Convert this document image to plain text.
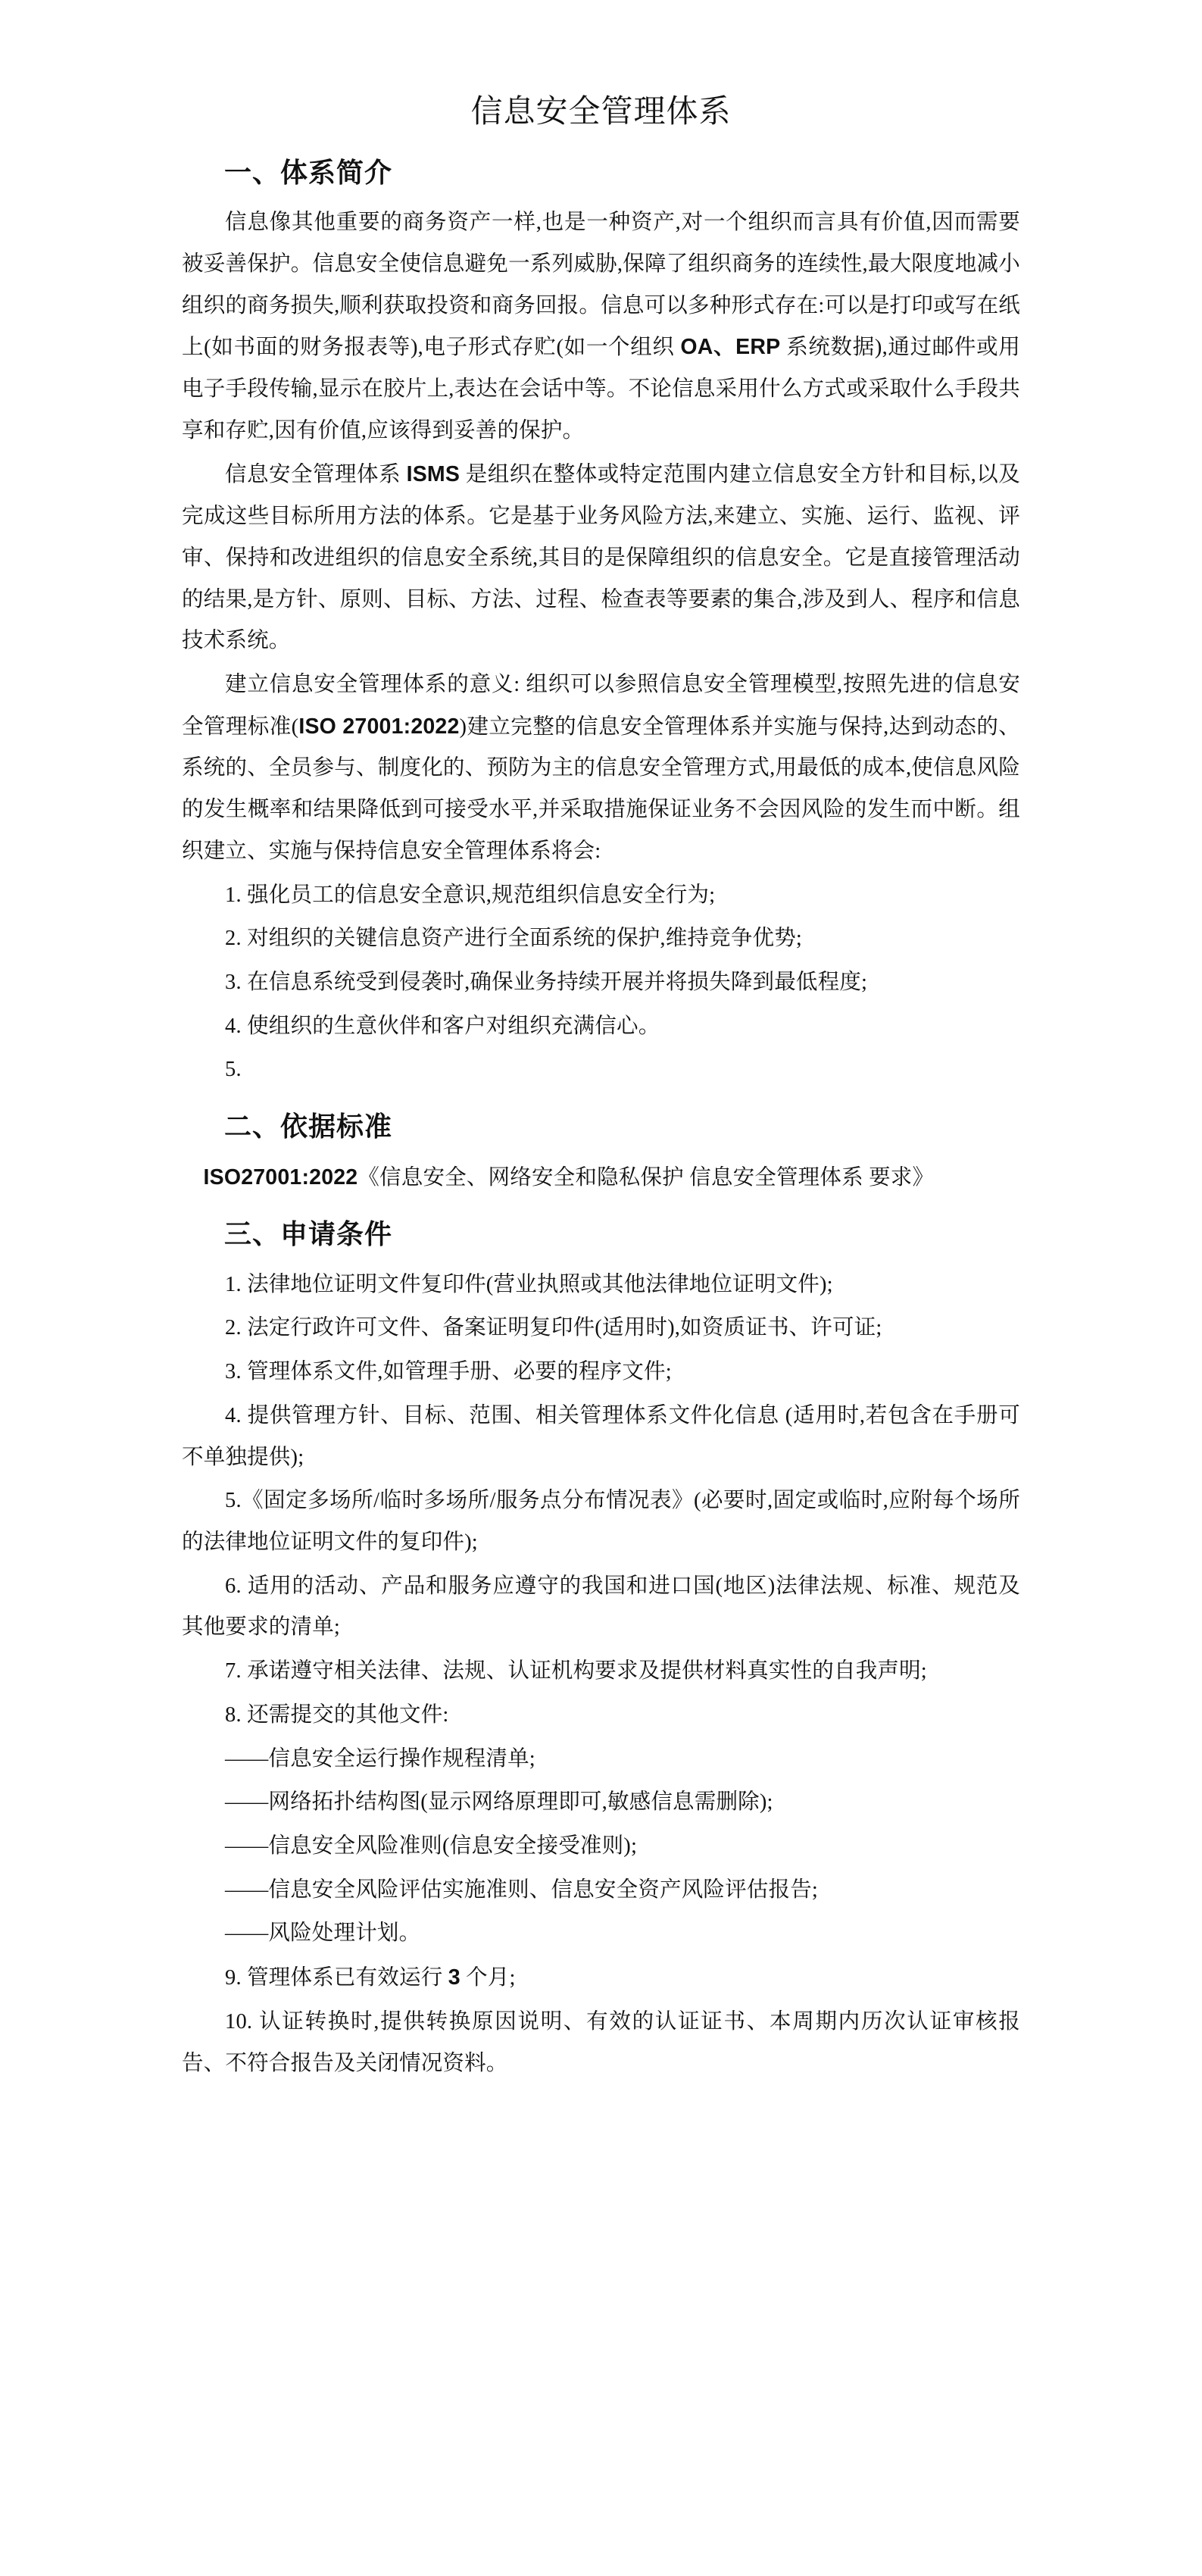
信息安全管理体系
一、体系简介

信息像其他重要的商务资产一样,也是一种资产,对一个组织而言具有价值,因而需要被妥善保护。信息安全使信息避免一系列威胁,保障了组织商务的连续性,最大限度地减小组织的商务损失,顺利获取投资和商务回报。信息可以多种形式存在:可以是打印或写在纸上(如书面的财务报表等),电子形式存贮(如一个组织 OA、ERP 系统数据),通过邮件或用电子手段传输,显示在胶片上,表达在会话中等。不论信息采用什么方式或采取什么手段共享和存贮,因有价值,应该得到妥善的保护。

信息安全管理体系 ISMS 是组织在整体或特定范围内建立信息安全方针和目标,以及完成这些目标所用方法的体系。它是基于业务风险方法,来建立、实施、运行、监视、评审、保持和改进组织的信息安全系统,其目的是保障组织的信息安全。它是直接管理活动的结果,是方针、原则、目标、方法、过程、检查表等要素的集合,涉及到人、程序和信息技术系统。

建立信息安全管理体系的意义: 组织可以参照信息安全管理模型,按照先进的信息安全管理标准(ISO 27001:2022)建立完整的信息安全管理体系并实施与保持,达到动态的、系统的、全员参与、制度化的、预防为主的信息安全管理方式,用最低的成本,使信息风险的发生概率和结果降低到可接受水平,并采取措施保证业务不会因风险的发生而中断。组织建立、实施与保持信息安全管理体系将会:

1. 强化员工的信息安全意识,规范组织信息安全行为;

2. 对组织的关键信息资产进行全面系统的保护,维持竞争优势;

3. 在信息系统受到侵袭时,确保业务持续开展并将损失降到最低程度;

4. 使组织的生意伙伴和客户对组织充满信心。

5.

二、依据标准

ISO27001:2022《信息安全、网络安全和隐私保护 信息安全管理体系 要求》

三、申请条件

1. 法律地位证明文件复印件(营业执照或其他法律地位证明文件);

2. 法定行政许可文件、备案证明复印件(适用时),如资质证书、许可证;

3. 管理体系文件,如管理手册、必要的程序文件;

4. 提供管理方针、目标、范围、相关管理体系文件化信息 (适用时,若包含在手册可不单独提供);

5.《固定多场所/临时多场所/服务点分布情况表》(必要时,固定或临时,应附每个场所的法律地位证明文件的复印件);

6. 适用的活动、产品和服务应遵守的我国和进口国(地区)法律法规、标准、规范及其他要求的清单;

7. 承诺遵守相关法律、法规、认证机构要求及提供材料真实性的自我声明;

8. 还需提交的其他文件:

——信息安全运行操作规程清单;

——网络拓扑结构图(显示网络原理即可,敏感信息需删除);

——信息安全风险准则(信息安全接受准则);

——信息安全风险评估实施准则、信息安全资产风险评估报告;

——风险处理计划。

9. 管理体系已有效运行 3 个月;

10. 认证转换时,提供转换原因说明、有效的认证证书、本周期内历次认证审核报告、不符合报告及关闭情况资料。
